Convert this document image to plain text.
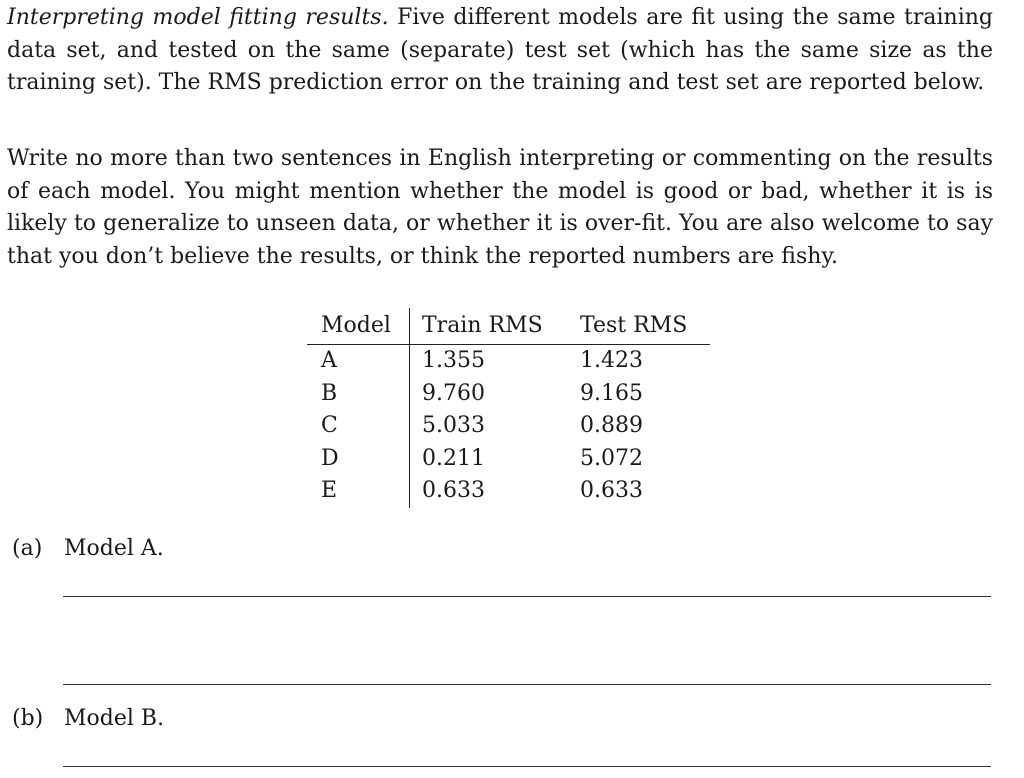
Interpreting model fitting results. Five different models are fit using the same training data set, and tested on the same (separate) test set (which has the same size as the training set). The RMS prediction error on the training and test set are reported below.

Write no more than two sentences in English interpreting or commenting on the results of each model. You might mention whether the model is good or bad, whether it is is likely to generalize to unseen data, or whether it is over-fit. You are also welcome to say that you don’t believe the results, or think the reported numbers are fishy.

Model	Train RMS	Test RMS
A	1.355	1.423
B	9.760	9.165
C	5.033	0.889
D	0.211	5.072
E	0.633	0.633
(a) Model A.
(b) Model B.
